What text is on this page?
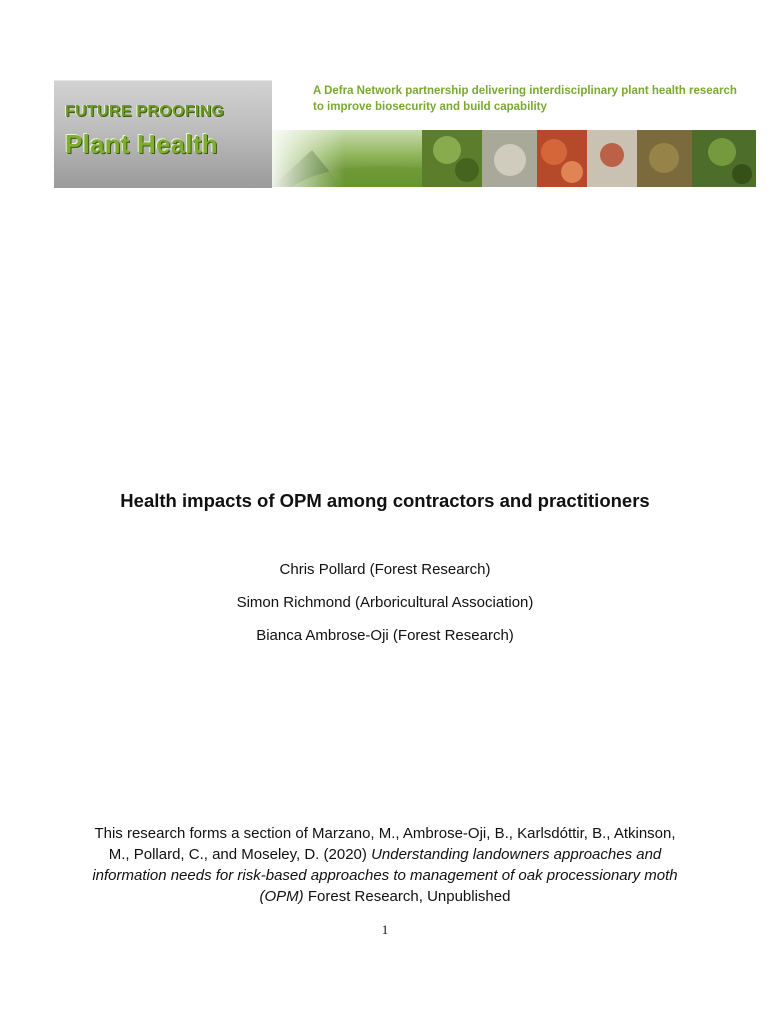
FUTURE PROOFING
Plant Health
A Defra Network partnership delivering interdisciplinary plant health research to improve biosecurity and build capability
Health impacts of OPM among contractors and practitioners
Chris Pollard (Forest Research)
Simon Richmond (Arboricultural Association)
Bianca Ambrose-Oji (Forest Research)
This research forms a section of Marzano, M., Ambrose-Oji, B., Karlsdóttir, B., Atkinson, M., Pollard, C., and Moseley, D. (2020) Understanding landowners approaches and information needs for risk-based approaches to management of oak processionary moth (OPM) Forest Research, Unpublished
1
